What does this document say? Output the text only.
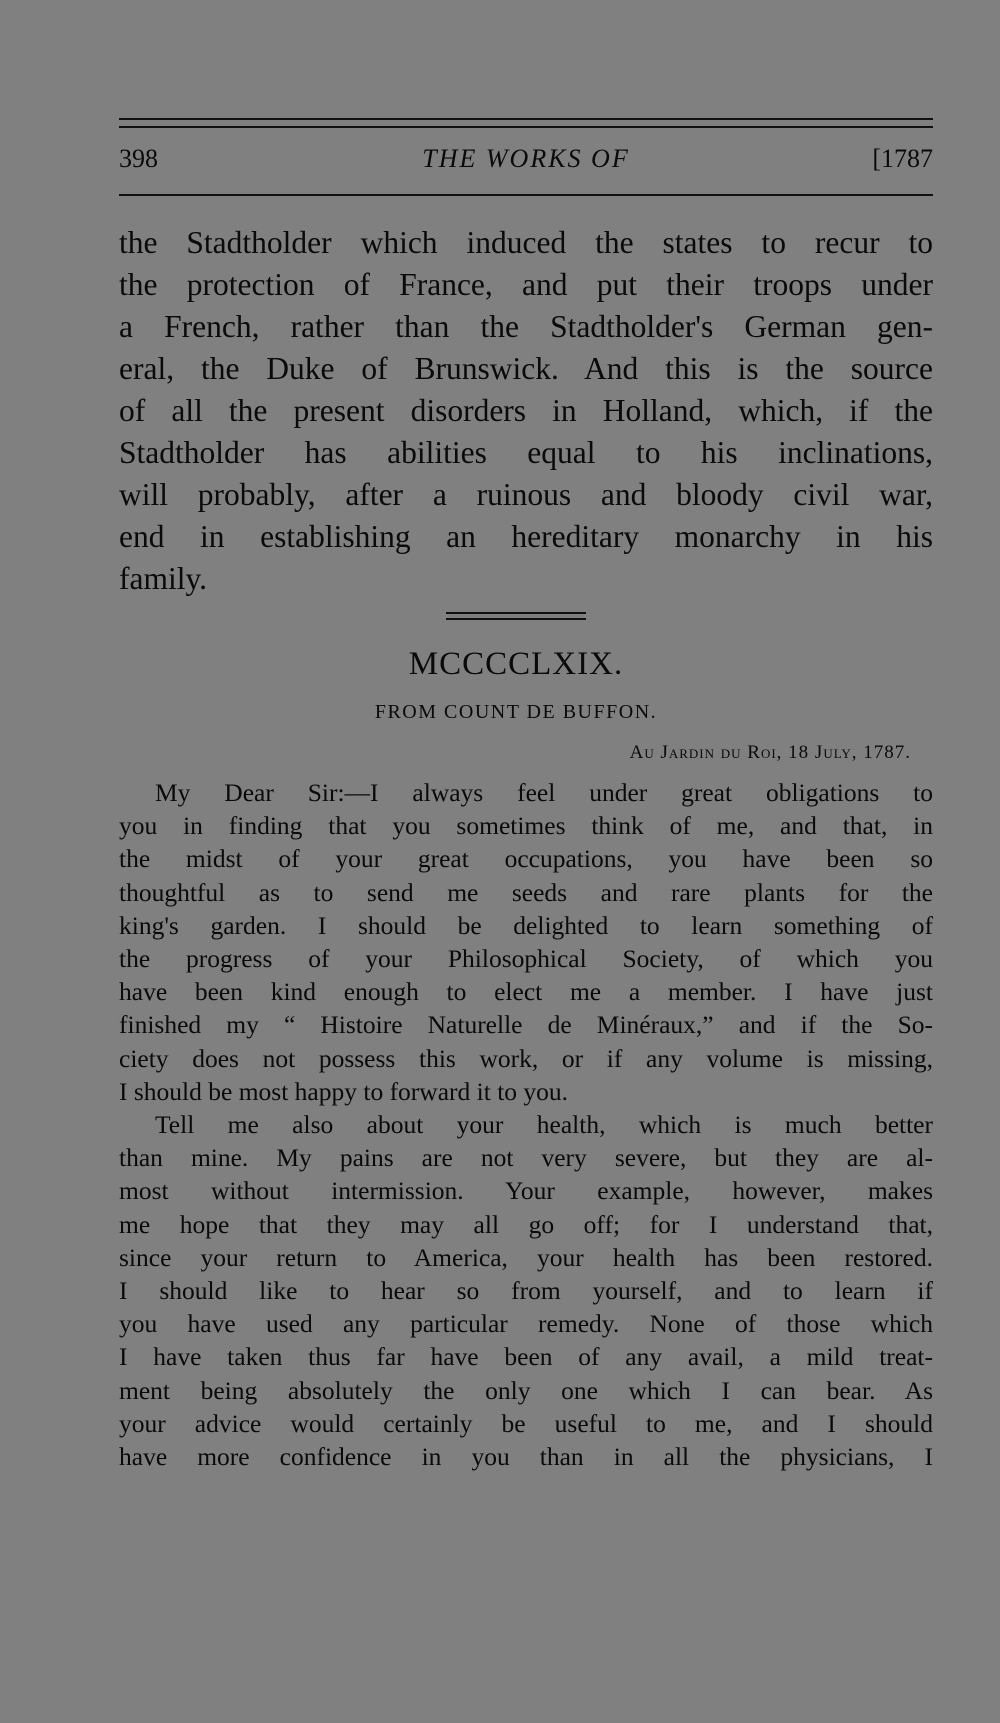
398	THE WORKS OF	[1787
the Stadtholder which induced the states to recur to
the protection of France, and put their troops under
a French, rather than the Stadtholder's German gen-
eral, the Duke of Brunswick. And this is the source
of all the present disorders in Holland, which, if the
Stadtholder has abilities equal to his inclinations,
will probably, after a ruinous and bloody civil war,
end in establishing an hereditary monarchy in his
family.
MCCCCLXIX.
FROM COUNT DE BUFFON.
Au Jardin du Roi, 18 July, 1787.
My Dear Sir:—I always feel under great obligations to
you in finding that you sometimes think of me, and that, in
the midst of your great occupations, you have been so
thoughtful as to send me seeds and rare plants for the
king's garden. I should be delighted to learn something of
the progress of your Philosophical Society, of which you
have been kind enough to elect me a member. I have just
finished my “ Histoire Naturelle de Minéraux,” and if the So-
ciety does not possess this work, or if any volume is missing,
I should be most happy to forward it to you.
Tell me also about your health, which is much better
than mine. My pains are not very severe, but they are al-
most without intermission. Your example, however, makes
me hope that they may all go off; for I understand that,
since your return to America, your health has been restored.
I should like to hear so from yourself, and to learn if
you have used any particular remedy. None of those which
I have taken thus far have been of any avail, a mild treat-
ment being absolutely the only one which I can bear. As
your advice would certainly be useful to me, and I should
have more confidence in you than in all the physicians, I
